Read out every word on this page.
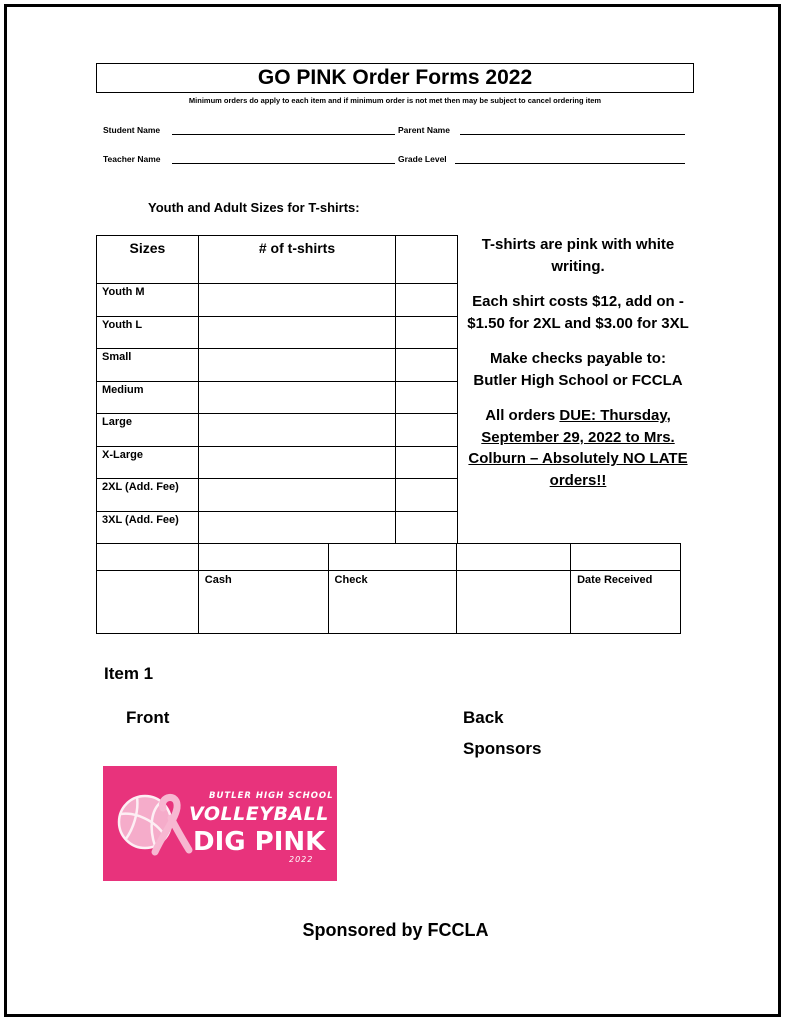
GO PINK Order Forms 2022
Minimum orders do apply to each item and if minimum order is not met then may be subject to cancel ordering item
Student Name	Parent Name
Teacher Name	Grade Level
Youth and Adult Sizes for T-shirts:
Sizes	# of t-shirts	
Youth M		
Youth L		
Small		
Medium		
Large		
X-Large		
2XL (Add. Fee)		
3XL (Add. Fee)		

	Cash	Check		Date Received

T-shirts are pink with white writing.

Each shirt costs $12, add on - $1.50 for 2XL and $3.00 for 3XL

Make checks payable to:
Butler High School or FCCLA

All orders DUE: Thursday, September 29, 2022 to Mrs. Colburn – Absolutely NO LATE orders!!

Item 1
Front	Back
Sponsors
BUTLER HIGH SCHOOL
VOLLEYBALL
DIG PINK
2022
Sponsored by FCCLA
